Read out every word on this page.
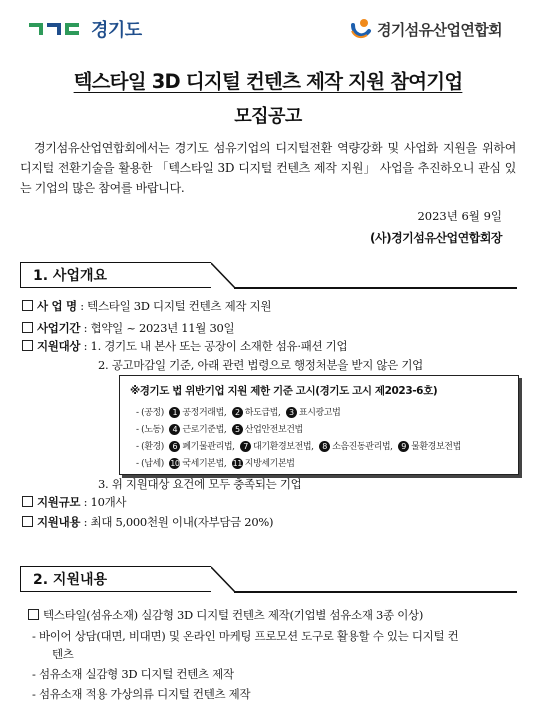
경기도	경기섬유산업연합회
텍스타일 3D 디지털 컨텐츠 제작 지원 참여기업
모집공고
경기섬유산업연합회에서는 경기도 섬유기업의 디지털전환 역량강화 및 사업화 지원을 위하여 디지털 전환기술을 활용한 「텍스타일 3D 디지털 컨텐츠 제작 지원」 사업을 추진하오니 관심 있는 기업의 많은 참여를 바랍니다.
2023년 6월 9일
(사)경기섬유산업연합회장
1. 사업개요
사 업 명 : 텍스타일 3D 디지털 컨텐츠 제작 지원
사업기간 : 협약일 ~ 2023년 11월 30일
지원대상 : 1. 경기도 내 본사 또는 공장이 소재한 섬유·패션 기업
2. 공고마감일 기준, 아래 관련 법령으로 행정처분을 받지 않은 기업
※경기도 법 위반기업 지원 제한 기준 고시(경기도 고시 제2023-6호)
- (공정) 1 공정거래법, 2 하도급법, 3 표시광고법
- (노동) 4 근로기준법, 5 산업안전보건법
- (환경) 6 폐기물관리법, 7 대기환경보전법, 8 소음진동관리법, 9 물환경보전법
- (납세) 10 국세기본법, 11 지방세기본법
3. 위 지원대상 요건에 모두 충족되는 기업
지원규모 : 10개사
지원내용 : 최대 5,000천원 이내(자부담금 20%)
2. 지원내용
텍스타일(섬유소재) 실감형 3D 디지털 컨텐츠 제작(기업별 섬유소재 3종 이상)
- 바이어 상담(대면, 비대면) 및 온라인 마케팅 프로모션 도구로 활용할 수 있는 디지털 컨
텐츠
- 섬유소재 실감형 3D 디지털 컨텐츠 제작
- 섬유소재 적용 가상의류 디지털 컨텐츠 제작
